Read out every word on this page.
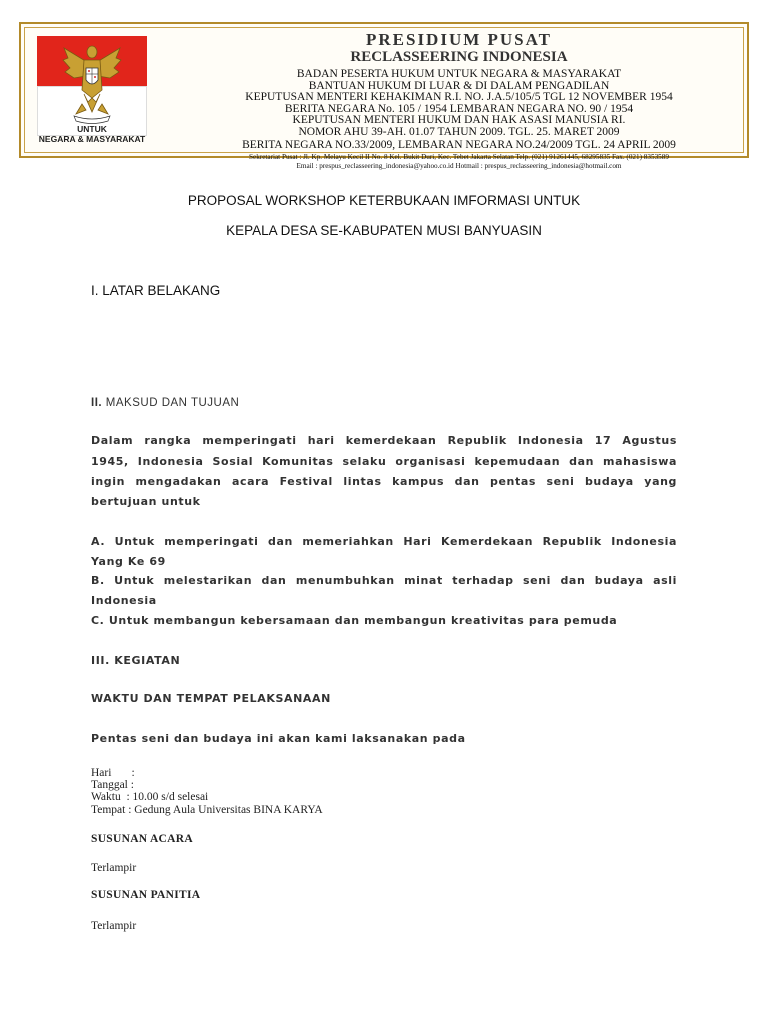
UNTUK
NEGARA & MASYARAKAT
PRESIDIUM PUSAT
RECLASSEERING INDONESIA
BADAN PESERTA HUKUM UNTUK NEGARA & MASYARAKAT
BANTUAN HUKUM DI LUAR & DI DALAM PENGADILAN
KEPUTUSAN MENTERI KEHAKIMAN R.I. NO. J.A.5/105/5 TGL 12 NOVEMBER 1954
BERITA NEGARA No. 105 / 1954 LEMBARAN NEGARA NO. 90 / 1954
KEPUTUSAN MENTERI HUKUM DAN HAK ASASI MANUSIA RI.
NOMOR AHU 39-AH. 01.07 TAHUN 2009. TGL. 25. MARET 2009
BERITA NEGARA NO.33/2009, LEMBARAN NEGARA NO.24/2009 TGL. 24 APRIL 2009
Sekretariat Pusat : Jl. Kp. Melayu Kecil II No. 8 Kel. Bukit Duri, Kec. Tebet Jakarta Selatan Telp. (021) 91261445, 68295835 Fax. (021) 8353589
Email : prespus_reclasseering_indonesia@yahoo.co.id Hotmail : prespus_reclasseering_indonesia@hotmail.com
PROPOSAL WORKSHOP KETERBUKAAN IMFORMASI UNTUK
KEPALA DESA SE-KABUPATEN MUSI BANYUASIN
I. LATAR BELAKANG
II. MAKSUD DAN TUJUAN
Dalam rangka memperingati hari kemerdekaan Republik Indonesia 17 Agustus
1945, Indonesia Sosial Komunitas selaku organisasi kepemudaan dan mahasiswa
ingin mengadakan acara Festival lintas kampus dan pentas seni budaya yang
bertujuan untuk
A. Untuk memperingati dan memeriahkan Hari Kemerdekaan Republik Indonesia
Yang Ke 69
B. Untuk melestarikan dan menumbuhkan minat terhadap seni dan budaya asli
Indonesia
C. Untuk membangun kebersamaan dan membangun kreativitas para pemuda
III. KEGIATAN
WAKTU DAN TEMPAT PELAKSANAAN
Pentas seni dan budaya ini akan kami laksanakan pada
Hari       :
Tanggal :
Waktu  : 10.00 s/d selesai
Tempat : Gedung Aula Universitas BINA KARYA
SUSUNAN ACARA
Terlampir
SUSUNAN PANITIA
Terlampir
